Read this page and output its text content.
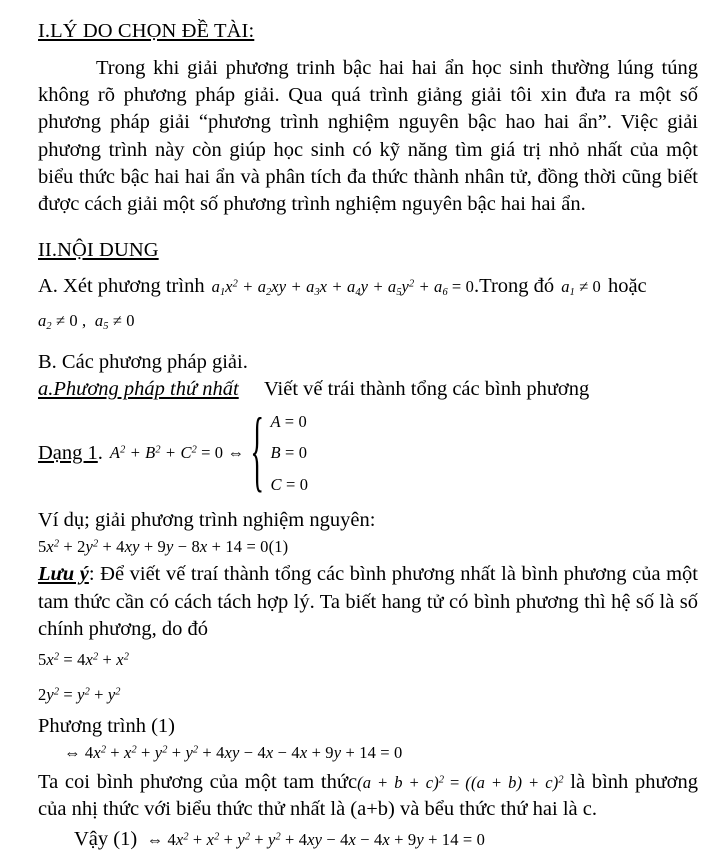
I.LÝ DO CHỌN ĐỀ TÀI:

Trong khi giải phương trinh bậc hai hai ẩn học sinh thường lúng túng không rõ phương pháp giải. Qua quá trình giảng giải tôi xin đưa ra một số phương pháp giải “phương trình nghiệm nguyên bậc hao hai ẩn”. Việc giải phương trình này còn giúp học sinh có kỹ năng tìm giá trị nhỏ nhất của một biểu thức bậc hai hai ẩn và phân tích đa thức thành nhân tử, đồng thời cũng biết được cách giải một số phương trình nghiệm nguyên bậc hai hai ẩn.

II.NỘI DUNG
A. Xét phương trình $a_1x^2 + a_2xy + a_3x + a_4y + a_5y^2 + a_6 = 0$ .Trong đó $a_1 \ne 0$ hoặc
$a_2 \ne 0$ , $a_5 \ne 0$
B. Các phương pháp giải.
a.Phương pháp thứ nhất Viết vế trái thành tổng các bình phương
Dạng 1. $A^2 + B^2 + C^2 = 0$ ⇔ { A = 0
B = 0
C = 0
Ví dụ; giải phương trình nghiệm nguyên:
$5x^2 + 2y^2 + 4xy + 9y - 8x + 14 = 0(1)$

Lưu ý: Để viết vế traí thành tổng các bình phương nhất là bình phương của một tam thức cần có cách tách hợp lý. Ta biết hang tử có bình phương thì hệ số là số chính phương, do đó

$5x^2 = 4x^2 + x^2$
$2y^2 = y^2 + y^2$
Phương trình (1)
⇔ $4x^2 + x^2 + y^2 + y^2 + 4xy - 4x - 4x + 9y + 14 = 0$

Ta coi bình phương của một tam thức(a + $b + c)^2 = ((a + b) + c)^2$ là bình phương của nhị thức với biểu thức thử nhất là (a+b) và bểu thức thứ hai là c.

Vậy (1) ⇔ $4x^2 + x^2 + y^2 + y^2 + 4xy - 4x - 4x + 9y + 14 = 0$
